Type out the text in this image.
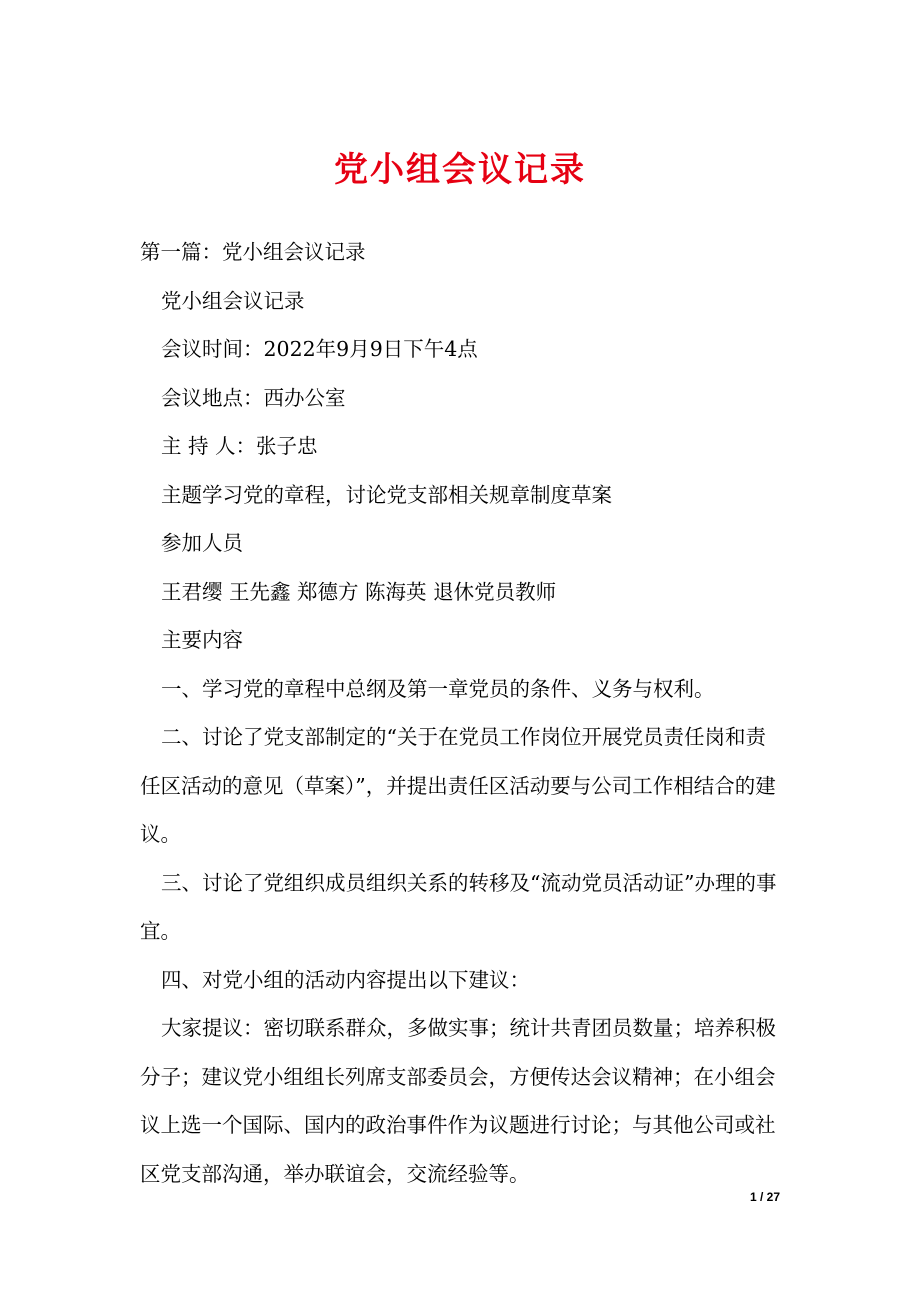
党小组会议记录

第一篇：党小组会议记录

党小组会议记录

会议时间：2022年9月9日下午4点

会议地点：西办公室

主 持 人：张子忠

主题学习党的章程，讨论党支部相关规章制度草案

参加人员

王君缨 王先鑫 郑德方 陈海英 退休党员教师

主要内容

一、学习党的章程中总纲及第一章党员的条件、义务与权利。

二、讨论了党支部制定的“关于在党员工作岗位开展党员责任岗和责任区活动的意见（草案）”，并提出责任区活动要与公司工作相结合的建议。

三、讨论了党组织成员组织关系的转移及“流动党员活动证”办理的事宜。

四、对党小组的活动内容提出以下建议：

大家提议：密切联系群众，多做实事；统计共青团员数量；培养积极分子；建议党小组组长列席支部委员会，方便传达会议精神；在小组会议上选一个国际、国内的政治事件作为议题进行讨论；与其他公司或社区党支部沟通，举办联谊会，交流经验等。

1 / 27
